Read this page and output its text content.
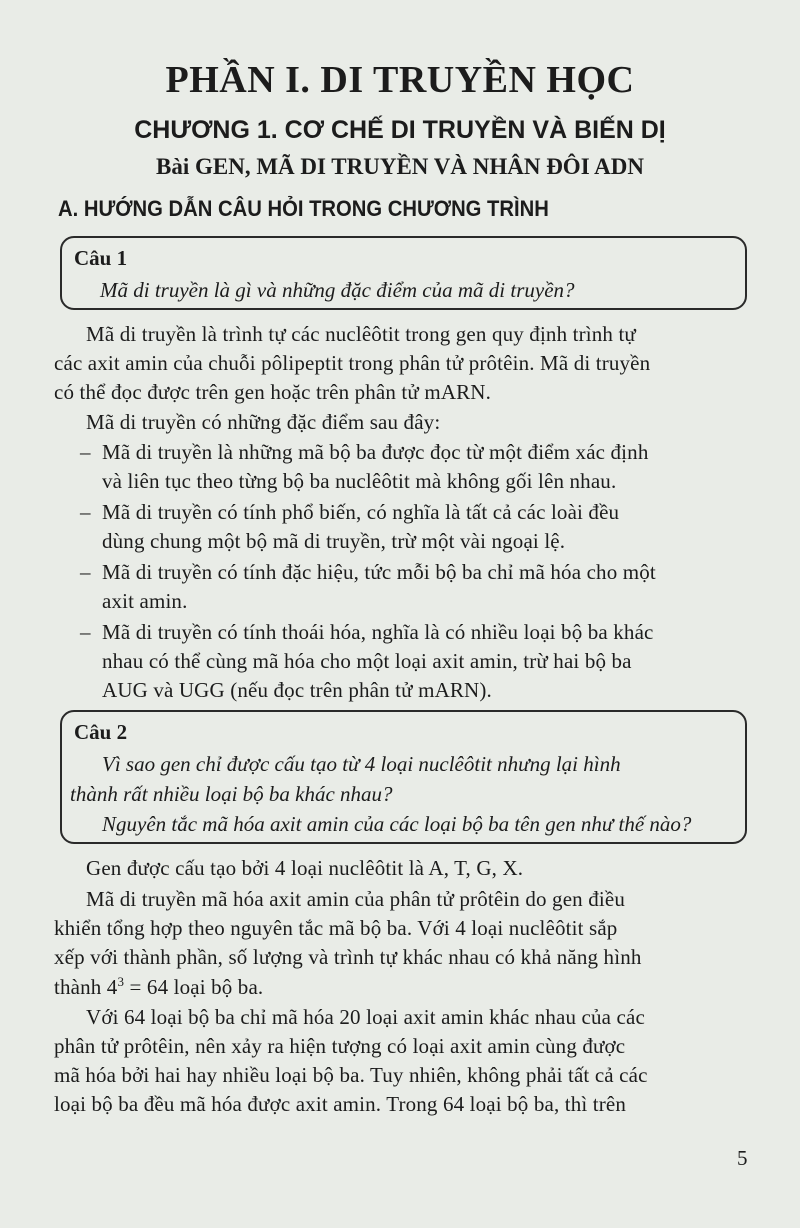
PHẦN I. DI TRUYỀN HỌC
CHƯƠNG 1. CƠ CHẾ DI TRUYỀN VÀ BIẾN DỊ
Bài GEN, MÃ DI TRUYỀN VÀ NHÂN ĐÔI ADN
A. HƯỚNG DẪN CÂU HỎI TRONG CHƯƠNG TRÌNH
Câu 1
Mã di truyền là gì và những đặc điểm của mã di truyền?
Mã di truyền là trình tự các nuclêôtit trong gen quy định trình tự
các axit amin của chuỗi pôlipeptit trong phân tử prôtêin. Mã di truyền
có thể đọc được trên gen hoặc trên phân tử mARN.
Mã di truyền có những đặc điểm sau đây:
– Mã di truyền là những mã bộ ba được đọc từ một điểm xác định
và liên tục theo từng bộ ba nuclêôtit mà không gối lên nhau.
– Mã di truyền có tính phổ biến, có nghĩa là tất cả các loài đều
dùng chung một bộ mã di truyền, trừ một vài ngoại lệ.
– Mã di truyền có tính đặc hiệu, tức mỗi bộ ba chỉ mã hóa cho một
axit amin.
– Mã di truyền có tính thoái hóa, nghĩa là có nhiều loại bộ ba khác
nhau có thể cùng mã hóa cho một loại axit amin, trừ hai bộ ba
AUG và UGG (nếu đọc trên phân tử mARN).
Câu 2
Vì sao gen chỉ được cấu tạo từ 4 loại nuclêôtit nhưng lại hình
thành rất nhiều loại bộ ba khác nhau?
Nguyên tắc mã hóa axit amin của các loại bộ ba tên gen như thế nào?
Gen được cấu tạo bởi 4 loại nuclêôtit là A, T, G, X.
Mã di truyền mã hóa axit amin của phân tử prôtêin do gen điều
khiển tổng hợp theo nguyên tắc mã bộ ba. Với 4 loại nuclêôtit sắp
xếp với thành phần, số lượng và trình tự khác nhau có khả năng hình
thành $4^3 = 64$ loại bộ ba.
Với 64 loại bộ ba chỉ mã hóa 20 loại axit amin khác nhau của các
phân tử prôtêin, nên xảy ra hiện tượng có loại axit amin cùng được
mã hóa bởi hai hay nhiều loại bộ ba. Tuy nhiên, không phải tất cả các
loại bộ ba đều mã hóa được axit amin. Trong 64 loại bộ ba, thì trên
5
